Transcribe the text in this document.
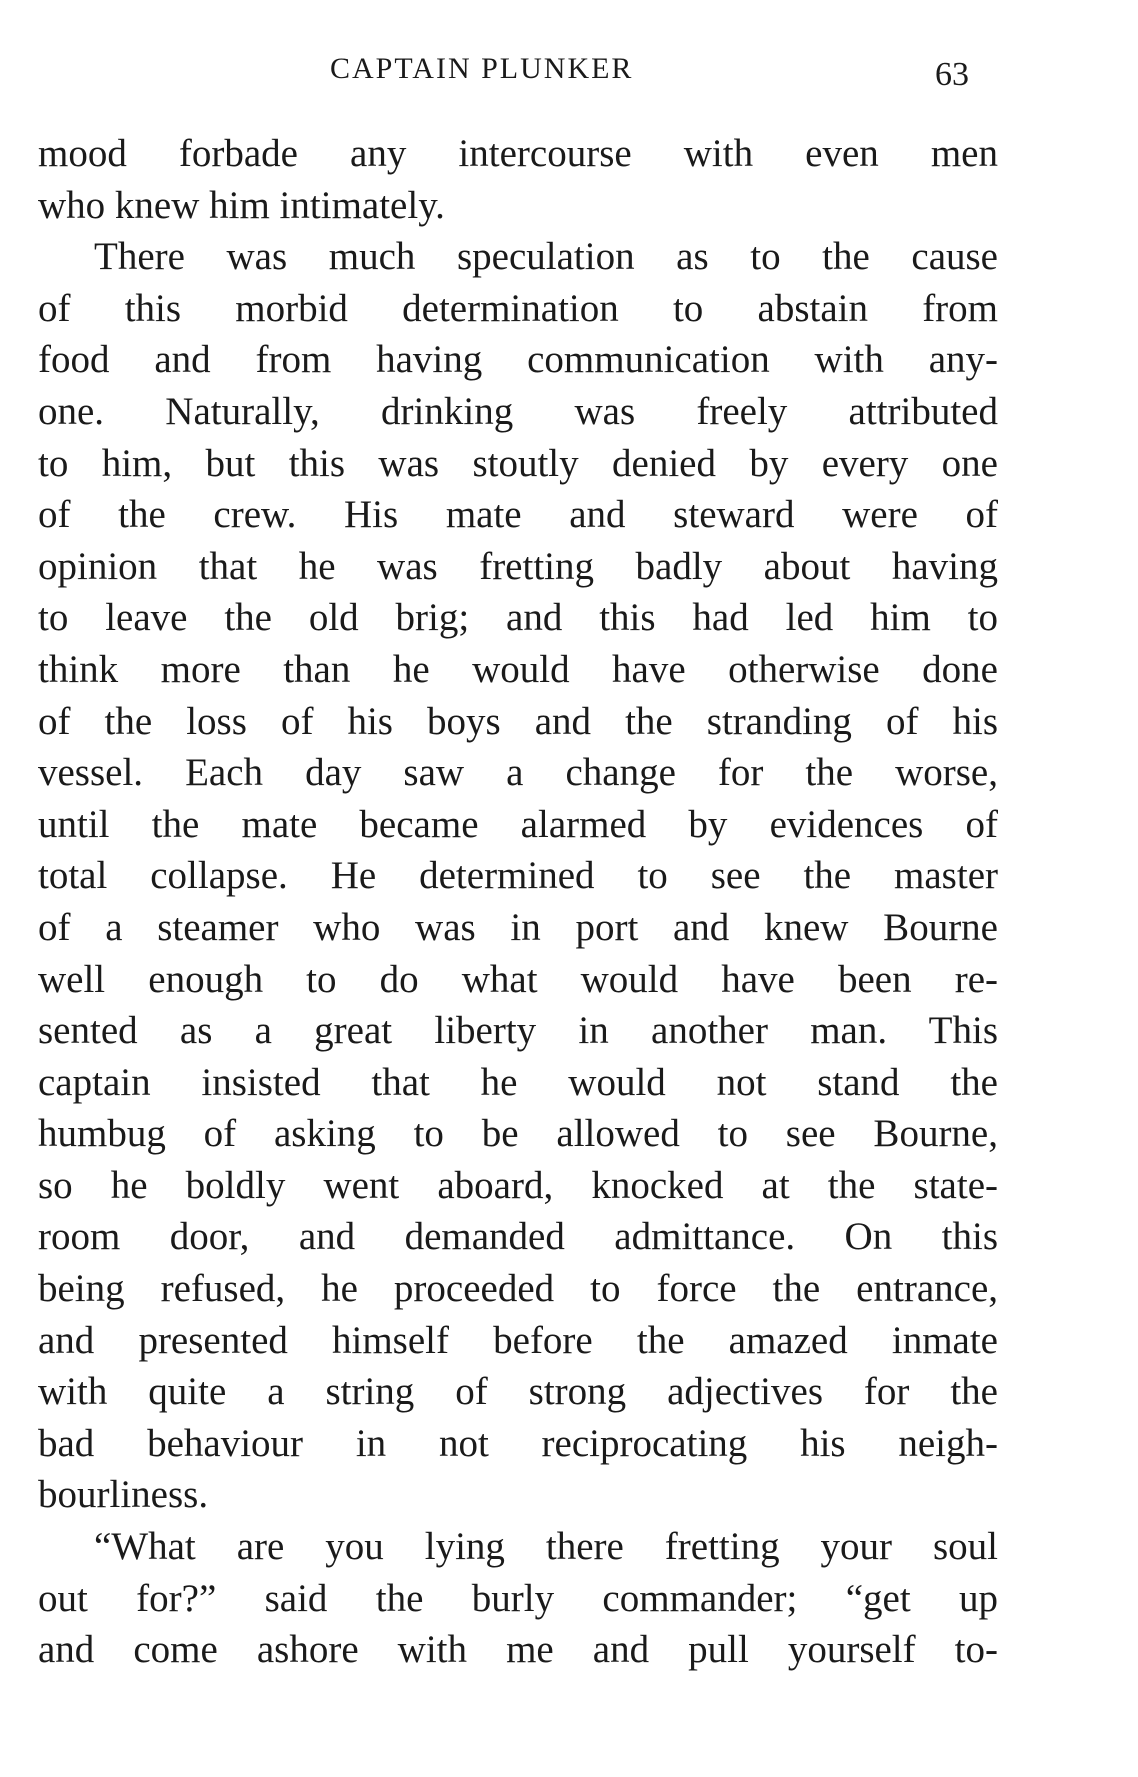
CAPTAIN PLUNKER	63
mood forbade any intercourse with even men
who knew him intimately.
There was much speculation as to the cause
of this morbid determination to abstain from
food and from having communication with any-
one. Naturally, drinking was freely attributed
to him, but this was stoutly denied by every one
of the crew. His mate and steward were of
opinion that he was fretting badly about having
to leave the old brig; and this had led him to
think more than he would have otherwise done
of the loss of his boys and the stranding of his
vessel. Each day saw a change for the worse,
until the mate became alarmed by evidences of
total collapse. He determined to see the master
of a steamer who was in port and knew Bourne
well enough to do what would have been re-
sented as a great liberty in another man. This
captain insisted that he would not stand the
humbug of asking to be allowed to see Bourne,
so he boldly went aboard, knocked at the state-
room door, and demanded admittance. On this
being refused, he proceeded to force the entrance,
and presented himself before the amazed inmate
with quite a string of strong adjectives for the
bad behaviour in not reciprocating his neigh-
bourliness.
“What are you lying there fretting your soul
out for?” said the burly commander; “get up
and come ashore with me and pull yourself to-
